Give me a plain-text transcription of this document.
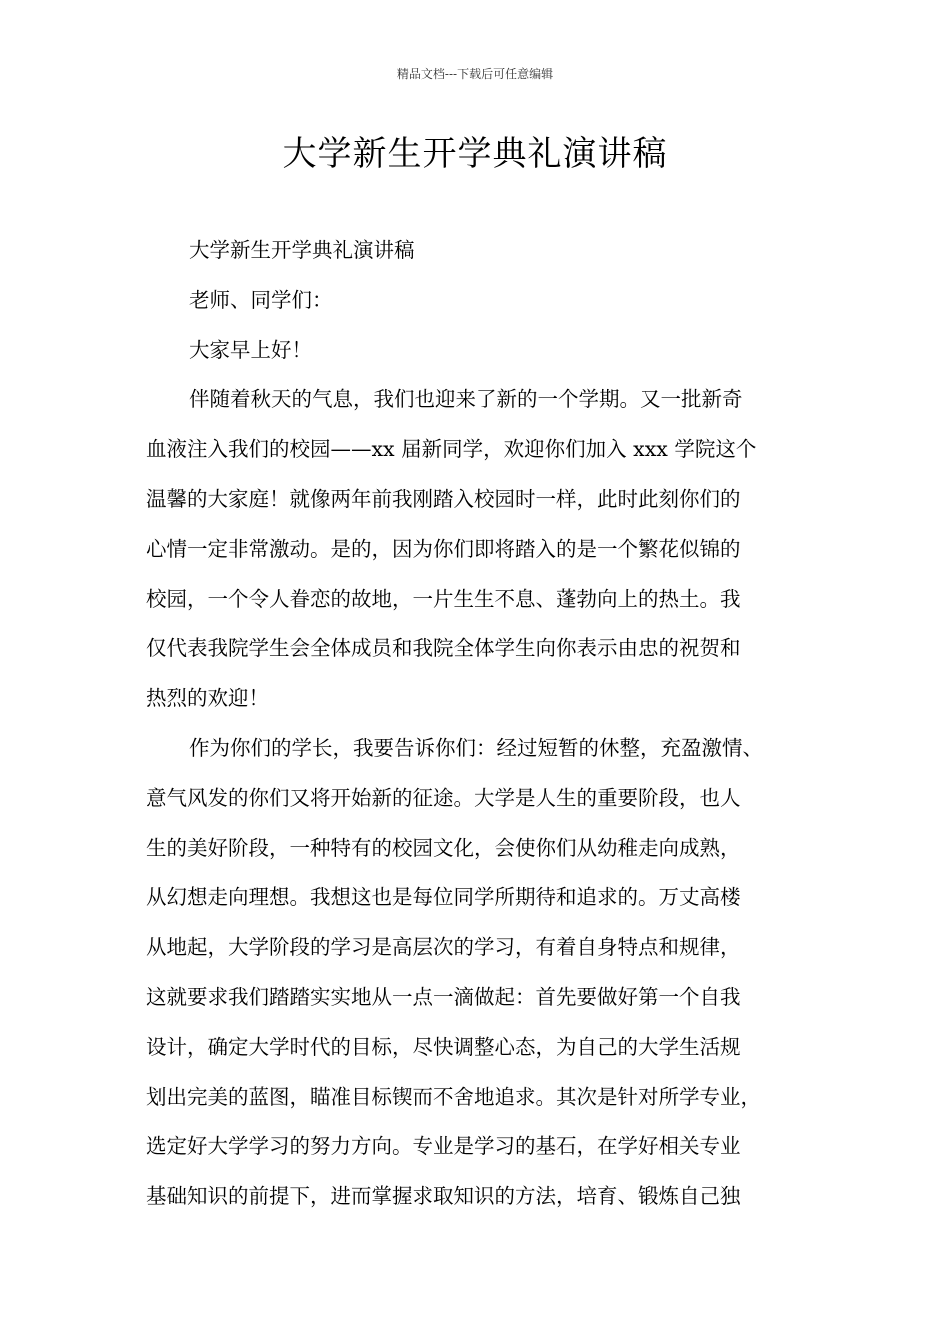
精品文档---下载后可任意编辑
大学新生开学典礼演讲稿
大学新生开学典礼演讲稿
老师、同学们：
大家早上好！
伴随着秋天的气息，我们也迎来了新的一个学期。又一批新奇
血液注入我们的校园——xx 届新同学，欢迎你们加入 xxx 学院这个
温馨的大家庭！就像两年前我刚踏入校园时一样，此时此刻你们的
心情一定非常激动。是的，因为你们即将踏入的是一个繁花似锦的
校园，一个令人眷恋的故地，一片生生不息、蓬勃向上的热土。我
仅代表我院学生会全体成员和我院全体学生向你表示由忠的祝贺和
热烈的欢迎！
作为你们的学长，我要告诉你们：经过短暂的休整，充盈激情、
意气风发的你们又将开始新的征途。大学是人生的重要阶段，也人
生的美好阶段，一种特有的校园文化，会使你们从幼稚走向成熟，
从幻想走向理想。我想这也是每位同学所期待和追求的。万丈高楼
从地起，大学阶段的学习是高层次的学习，有着自身特点和规律，
这就要求我们踏踏实实地从一点一滴做起：首先要做好第一个自我
设计，确定大学时代的目标，尽快调整心态，为自己的大学生活规
划出完美的蓝图，瞄准目标锲而不舍地追求。其次是针对所学专业，
选定好大学学习的努力方向。专业是学习的基石，在学好相关专业
基础知识的前提下，进而掌握求取知识的方法，培育、锻炼自己独
